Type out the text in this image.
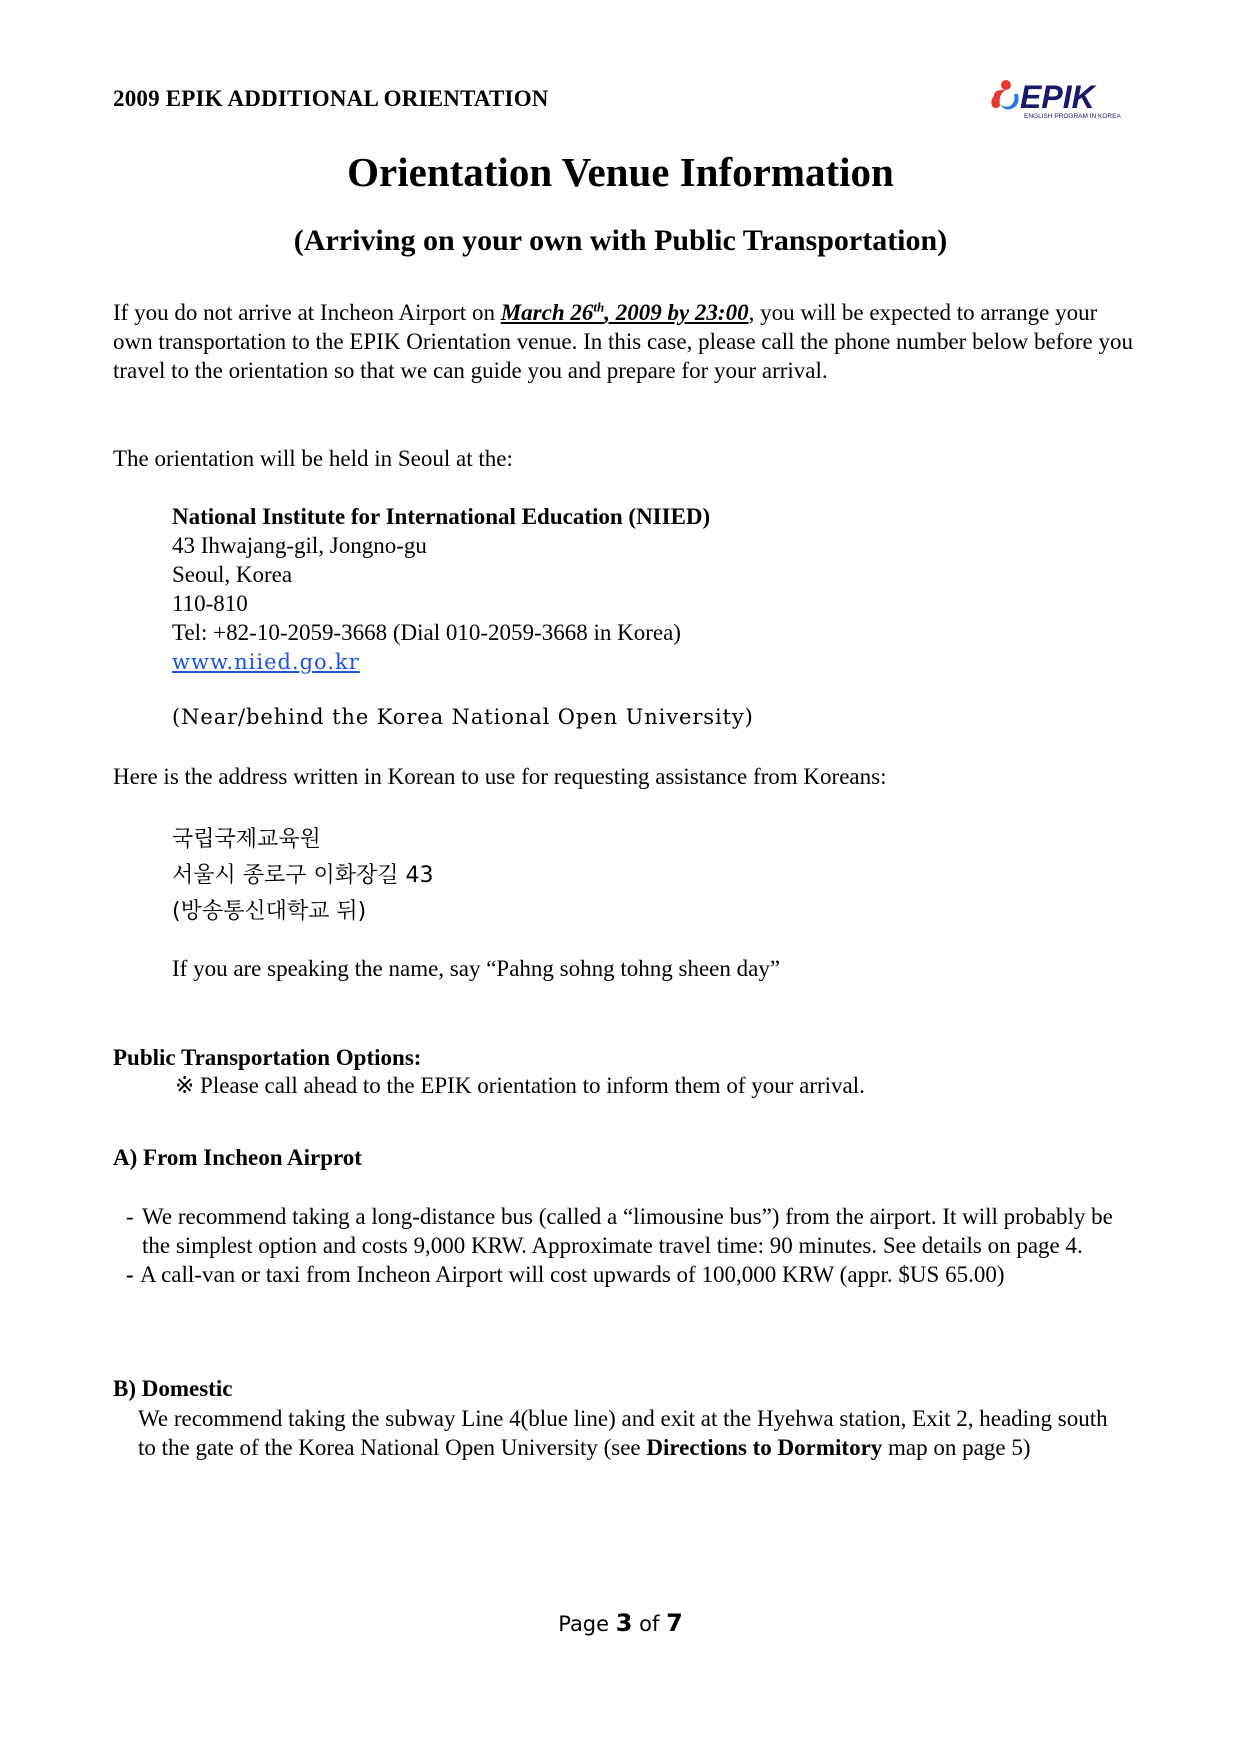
2009 EPIK ADDITIONAL ORIENTATION	EPIK
ENGLISH PROGRAM IN KOREA
Orientation Venue Information
(Arriving on your own with Public Transportation)
If you do not arrive at Incheon Airport on March 26th, 2009 by 23:00, you will be expected to arrange your own transportation to the EPIK Orientation venue. In this case, please call the phone number below before you travel to the orientation so that we can guide you and prepare for your arrival.
The orientation will be held in Seoul at the:
National Institute for International Education (NIIED)
43 Ihwajang-gil, Jongno-gu
Seoul, Korea
110-810
Tel: +82-10-2059-3668 (Dial 010-2059-3668 in Korea)
www.niied.go.kr
(Near/behind the Korea National Open University)
Here is the address written in Korean to use for requesting assistance from Koreans:
국립국제교육원
서울시 종로구 이화장길 43
(방송통신대학교 뒤)
If you are speaking the name, say “Pahng sohng tohng sheen day”
Public Transportation Options:
※ Please call ahead to the EPIK orientation to inform them of your arrival.
A) From Incheon Airprot
- We recommend taking a long-distance bus (called a “limousine bus”) from the airport. It will probably be the simplest option and costs 9,000 KRW. Approximate travel time: 90 minutes. See details on page 4.
- A call-van or taxi from Incheon Airport will cost upwards of 100,000 KRW (appr. $US 65.00)
B) Domestic
We recommend taking the subway Line 4(blue line) and exit at the Hyehwa station, Exit 2, heading south to the gate of the Korea National Open University (see Directions to Dormitory map on page 5)
Page 3 of 7
